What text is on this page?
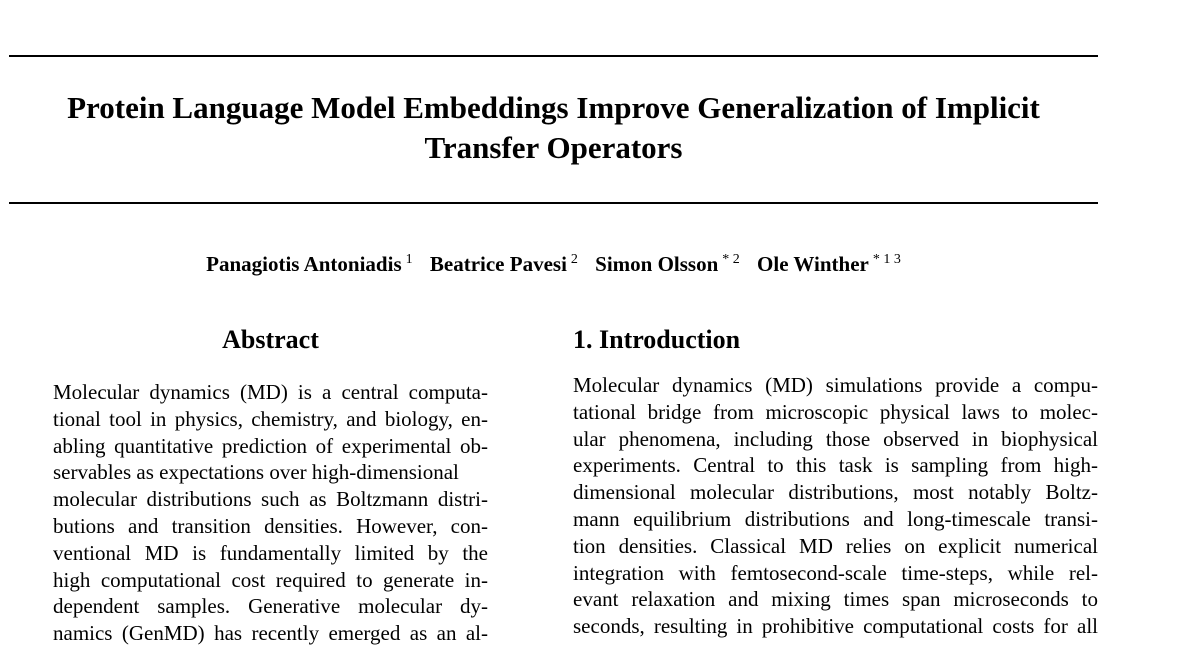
Protein Language Model Embeddings Improve Generalization of Implicit
Transfer Operators
Panagiotis Antoniadis $^1$ Beatrice Pavesi $^2$ Simon Olsson $^{* 2}$ Ole Winther $^{* 1 3}$
Abstract
Molecular dynamics (MD) is a central computa-
tional tool in physics, chemistry, and biology, en-
abling quantitative prediction of experimental ob-
servables as expectations over high-dimensional
molecular distributions such as Boltzmann distri-
butions and transition densities. However, con-
ventional MD is fundamentally limited by the
high computational cost required to generate in-
dependent samples. Generative molecular dy-
namics (GenMD) has recently emerged as an al-
1. Introduction
Molecular dynamics (MD) simulations provide a compu-
tational bridge from microscopic physical laws to molec-
ular phenomena, including those observed in biophysical
experiments. Central to this task is sampling from high-
dimensional molecular distributions, most notably Boltz-
mann equilibrium distributions and long-timescale transi-
tion densities. Classical MD relies on explicit numerical
integration with femtosecond-scale time-steps, while rel-
evant relaxation and mixing times span microseconds to
seconds, resulting in prohibitive computational costs for all
